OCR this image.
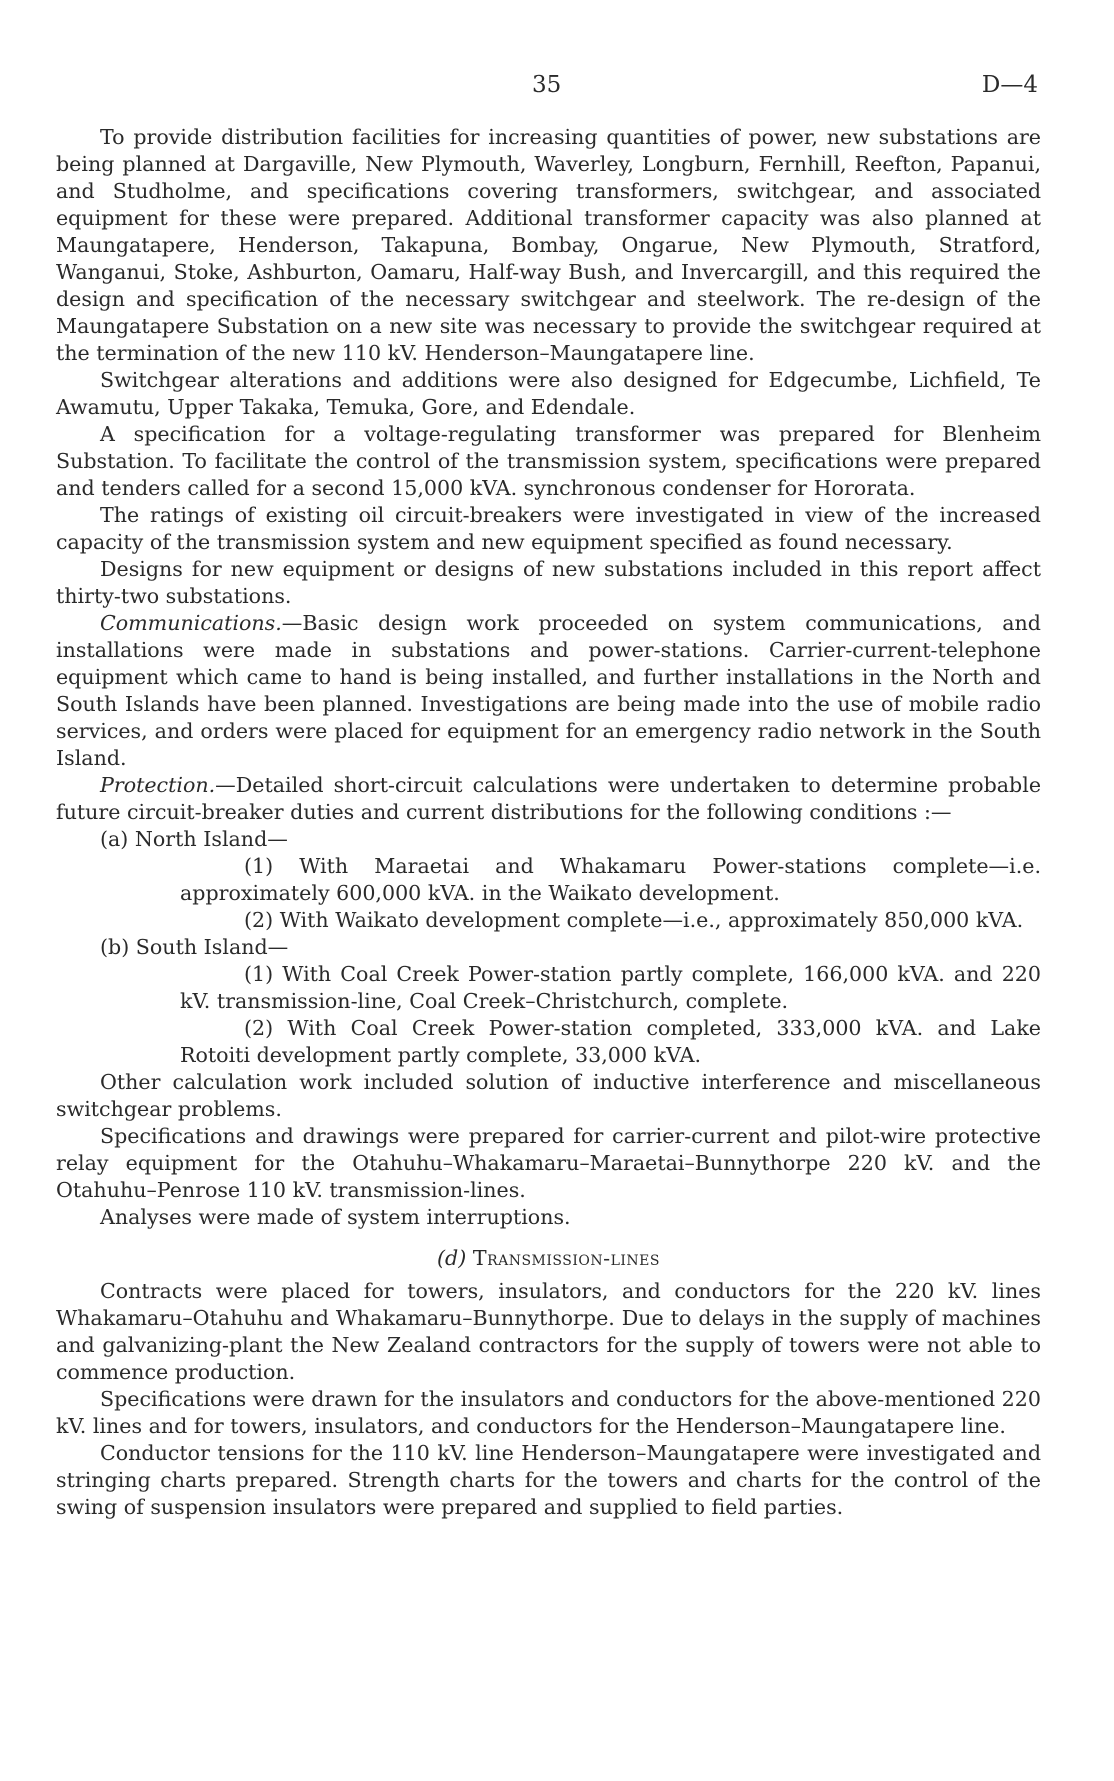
35	D—4

To provide distribution facilities for increasing quantities of power, new substations are being planned at Dargaville, New Plymouth, Waverley, Longburn, Fernhill, Reefton, Papanui, and Studholme, and specifications covering transformers, switchgear, and associated equipment for these were prepared. Additional transformer capacity was also planned at Maungatapere, Henderson, Takapuna, Bombay, Ongarue, New Plymouth, Stratford, Wanganui, Stoke, Ashburton, Oamaru, Half-way Bush, and Invercargill, and this required the design and specification of the necessary switchgear and steelwork. The re-design of the Maungatapere Substation on a new site was necessary to provide the switchgear required at the termination of the new 110 kV. Henderson–Maungatapere line.

Switchgear alterations and additions were also designed for Edgecumbe, Lichfield, Te Awamutu, Upper Takaka, Temuka, Gore, and Edendale.

A specification for a voltage-regulating transformer was prepared for Blenheim Substation. To facilitate the control of the transmission system, specifications were prepared and tenders called for a second 15,000 kVA. synchronous condenser for Hororata.

The ratings of existing oil circuit-breakers were investigated in view of the increased capacity of the transmission system and new equipment specified as found necessary.

Designs for new equipment or designs of new substations included in this report affect thirty-two substations.

Communications.—Basic design work proceeded on system communications, and installations were made in substations and power-stations. Carrier-current-telephone equipment which came to hand is being installed, and further installations in the North and South Islands have been planned. Investigations are being made into the use of mobile radio services, and orders were placed for equipment for an emergency radio network in the South Island.

Protection.—Detailed short-circuit calculations were undertaken to determine probable future circuit-breaker duties and current distributions for the following conditions :—

(a) North Island—

(1) With Maraetai and Whakamaru Power-stations complete—i.e. approximately 600,000 kVA. in the Waikato development.

(2) With Waikato development complete—i.e., approximately 850,000 kVA.

(b) South Island—

(1) With Coal Creek Power-station partly complete, 166,000 kVA. and 220 kV. transmission-line, Coal Creek–Christchurch, complete.

(2) With Coal Creek Power-station completed, 333,000 kVA. and Lake Rotoiti development partly complete, 33,000 kVA.

Other calculation work included solution of inductive interference and miscellaneous switchgear problems.

Specifications and drawings were prepared for carrier-current and pilot-wire protective relay equipment for the Otahuhu–Whakamaru–Maraetai–Bunnythorpe 220 kV. and the Otahuhu–Penrose 110 kV. transmission-lines.

Analyses were made of system interruptions.

(d) Transmission-lines

Contracts were placed for towers, insulators, and conductors for the 220 kV. lines Whakamaru–Otahuhu and Whakamaru–Bunnythorpe. Due to delays in the supply of machines and galvanizing-plant the New Zealand contractors for the supply of towers were not able to commence production.

Specifications were drawn for the insulators and conductors for the above-mentioned 220 kV. lines and for towers, insulators, and conductors for the Henderson–Maungatapere line.

Conductor tensions for the 110 kV. line Henderson–Maungatapere were investigated and stringing charts prepared. Strength charts for the towers and charts for the control of the swing of suspension insulators were prepared and supplied to field parties.
